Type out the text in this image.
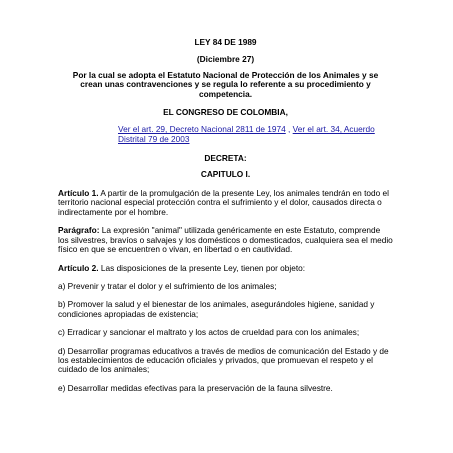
LEY 84 DE 1989
(Diciembre 27)
Por la cual se adopta el Estatuto Nacional de Protección de los Animales y se crean unas contravenciones y se regula lo referente a su procedimiento y competencia.
EL CONGRESO DE COLOMBIA,
Ver el art. 29, Decreto Nacional 2811 de 1974 , Ver el art. 34, Acuerdo Distrital 79 de 2003
DECRETA:
CAPITULO I.

Artículo 1. A partir de la promulgación de la presente Ley, los animales tendrán en todo el territorio nacional especial protección contra el sufrimiento y el dolor, causados directa o indirectamente por el hombre.

Parágrafo: La expresión "animal" utilizada genéricamente en este Estatuto, comprende los silvestres, bravíos o salvajes y los domésticos o domesticados, cualquiera sea el medio físico en que se encuentren o vivan, en libertad o en cautividad.

Artículo 2. Las disposiciones de la presente Ley, tienen por objeto:

a) Prevenir y tratar el dolor y el sufrimiento de los animales;

b) Promover la salud y el bienestar de los animales, asegurándoles higiene, sanidad y condiciones apropiadas de existencia;

c) Erradicar y sancionar el maltrato y los actos de crueldad para con los animales;

d) Desarrollar programas educativos a través de medios de comunicación del Estado y de los establecimientos de educación oficiales y privados, que promuevan el respeto y el cuidado de los animales;

e) Desarrollar medidas efectivas para la preservación de la fauna silvestre.
